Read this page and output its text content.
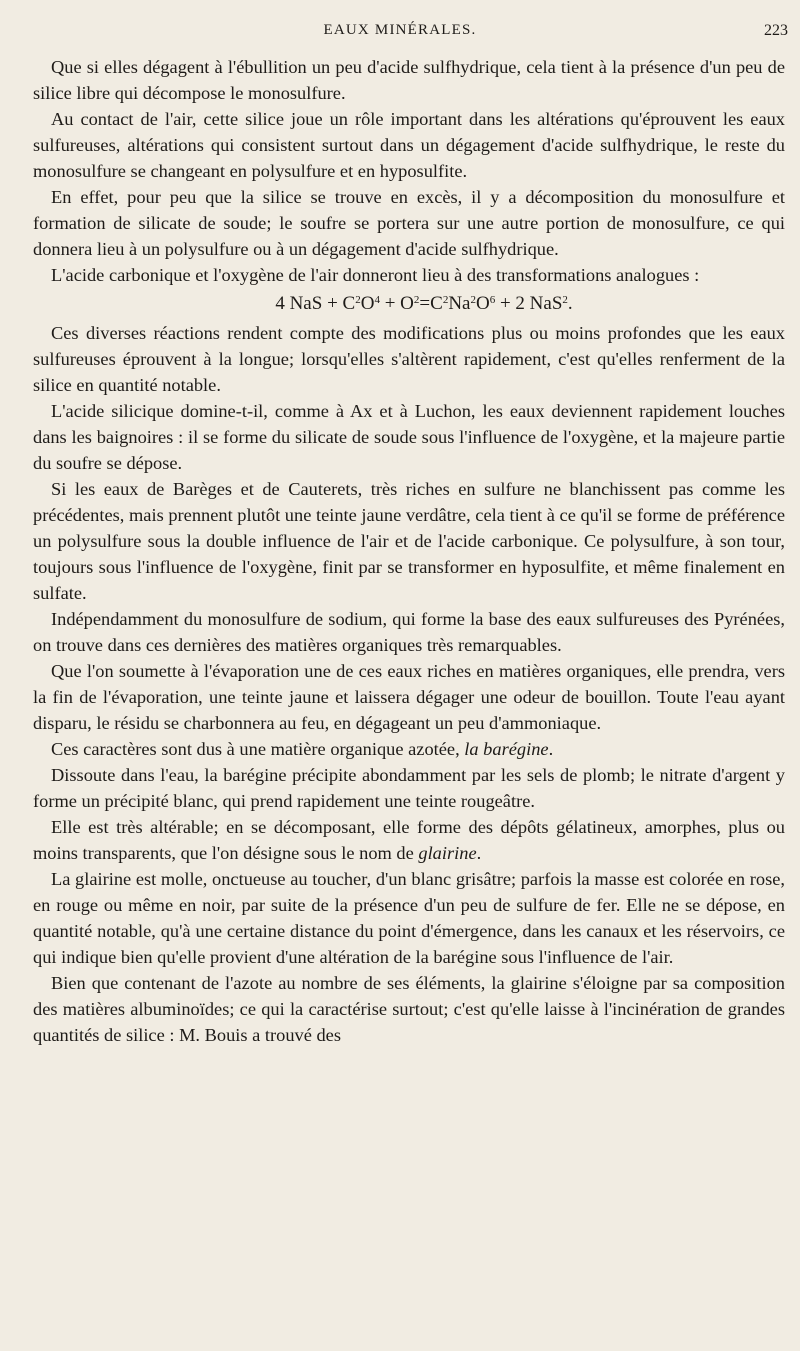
EAUX MINÉRALES.	223

Que si elles dégagent à l'ébullition un peu d'acide sulfhydrique, cela tient à la présence d'un peu de silice libre qui décompose le monosulfure.

Au contact de l'air, cette silice joue un rôle important dans les altérations qu'éprouvent les eaux sulfureuses, altérations qui consistent surtout dans un dégagement d'acide sulfhydrique, le reste du monosulfure se changeant en polysulfure et en hyposulfite.

En effet, pour peu que la silice se trouve en excès, il y a décomposition du monosulfure et formation de silicate de soude; le soufre se portera sur une autre portion de monosulfure, ce qui donnera lieu à un polysulfure ou à un dégagement d'acide sulfhydrique.

L'acide carbonique et l'oxygène de l'air donneront lieu à des transformations analogues :

4 NaS + $C^2O^4 + O^2=C^2Na^2O^6 + 2$ NaS$^2$.

Ces diverses réactions rendent compte des modifications plus ou moins profondes que les eaux sulfureuses éprouvent à la longue; lorsqu'elles s'altèrent rapidement, c'est qu'elles renferment de la silice en quantité notable.

L'acide silicique domine-t-il, comme à Ax et à Luchon, les eaux deviennent rapidement louches dans les baignoires : il se forme du silicate de soude sous l'influence de l'oxygène, et la majeure partie du soufre se dépose.

Si les eaux de Barèges et de Cauterets, très riches en sulfure ne blanchissent pas comme les précédentes, mais prennent plutôt une teinte jaune verdâtre, cela tient à ce qu'il se forme de préférence un polysulfure sous la double influence de l'air et de l'acide carbonique. Ce polysulfure, à son tour, toujours sous l'influence de l'oxygène, finit par se transformer en hyposulfite, et même finalement en sulfate.

Indépendamment du monosulfure de sodium, qui forme la base des eaux sulfureuses des Pyrénées, on trouve dans ces dernières des matières organiques très remarquables.

Que l'on soumette à l'évaporation une de ces eaux riches en matières organiques, elle prendra, vers la fin de l'évaporation, une teinte jaune et laissera dégager une odeur de bouillon. Toute l'eau ayant disparu, le résidu se charbonnera au feu, en dégageant un peu d'ammoniaque.

Ces caractères sont dus à une matière organique azotée, la barégine.

Dissoute dans l'eau, la barégine précipite abondamment par les sels de plomb; le nitrate d'argent y forme un précipité blanc, qui prend rapidement une teinte rougeâtre.

Elle est très altérable; en se décomposant, elle forme des dépôts gélatineux, amorphes, plus ou moins transparents, que l'on désigne sous le nom de glairine.

La glairine est molle, onctueuse au toucher, d'un blanc grisâtre; parfois la masse est colorée en rose, en rouge ou même en noir, par suite de la présence d'un peu de sulfure de fer. Elle ne se dépose, en quantité notable, qu'à une certaine distance du point d'émergence, dans les canaux et les réservoirs, ce qui indique bien qu'elle provient d'une altération de la barégine sous l'influence de l'air.

Bien que contenant de l'azote au nombre de ses éléments, la glairine s'éloigne par sa composition des matières albuminoïdes; ce qui la caractérise surtout; c'est qu'elle laisse à l'incinération de grandes quantités de silice : M. Bouis a trouvé des
